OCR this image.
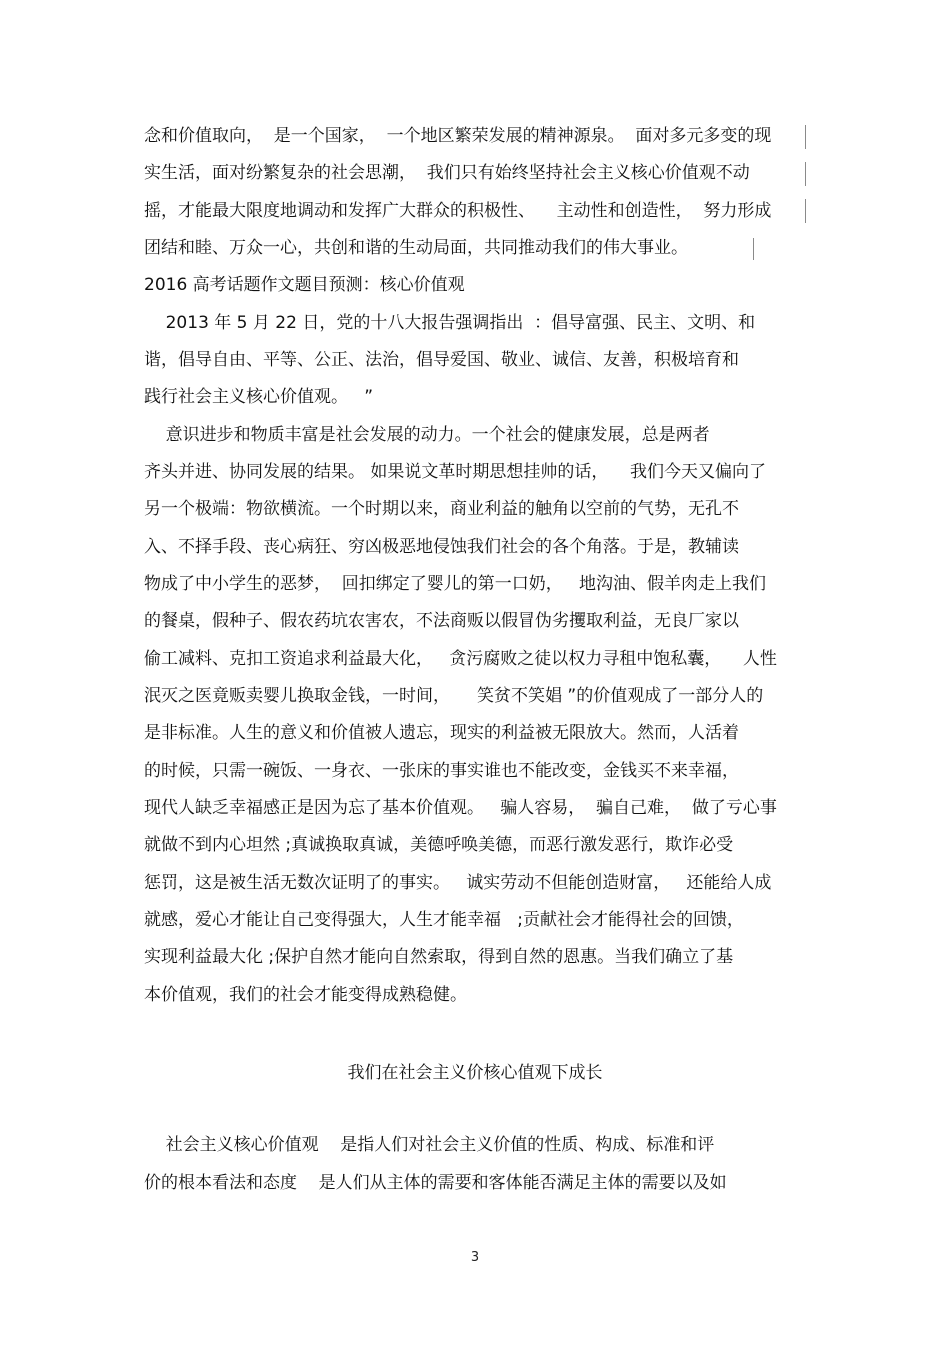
念和价值取向，  是一个国家，  一个地区繁荣发展的精神源泉。  面对多元多变的现

实生活，面对纷繁复杂的社会思潮，  我们只有始终坚持社会主义核心价值观不动

摇，才能最大限度地调动和发挥广大群众的积极性、    主动性和创造性，  努力形成

团结和睦、万众一心，共创和谐的生动局面，共同推动我们的伟大事业。

2016 高考话题作文题目预测：核心价值观

2013 年 5 月 22 日，党的十八大报告强调指出  ：倡导富强、民主、文明、和

谐，倡导自由、平等、公正、法治，倡导爱国、敬业、诚信、友善，积极培育和

践行社会主义核心价值观。   ”

意识进步和物质丰富是社会发展的动力。一个社会的健康发展，总是两者

齐头并进、协同发展的结果。 如果说文革时期思想挂帅的话，    我们今天又偏向了

另一个极端：物欲横流。一个时期以来，商业利益的触角以空前的气势，无孔不

入、不择手段、丧心病狂、穷凶极恶地侵蚀我们社会的各个角落。于是，教辅读

物成了中小学生的恶梦，  回扣绑定了婴儿的第一口奶，   地沟油、假羊肉走上我们

的餐桌，假种子、假农药坑农害农，不法商贩以假冒伪劣攫取利益，无良厂家以

偷工减料、克扣工资追求利益最大化，   贪污腐败之徒以权力寻租中饱私囊，    人性

泯灭之医竟贩卖婴儿换取金钱，一时间，     笑贫不笑娼 ”的价值观成了一部分人的

是非标准。人生的意义和价值被人遗忘，现实的利益被无限放大。然而，人活着

的时候，只需一碗饭、一身衣、一张床的事实谁也不能改变，金钱买不来幸福，

现代人缺乏幸福感正是因为忘了基本价值观。   骗人容易，  骗自己难，  做了亏心事

就做不到内心坦然 ;真诚换取真诚，美德呼唤美德，而恶行激发恶行，欺诈必受

惩罚，这是被生活无数次证明了的事实。   诚实劳动不但能创造财富，   还能给人成

就感，爱心才能让自己变得强大，人生才能幸福   ;贡献社会才能得社会的回馈，

实现利益最大化 ;保护自然才能向自然索取，得到自然的恩惠。当我们确立了基

本价值观，我们的社会才能变得成熟稳健。

我们在社会主义价核心值观下成长

社会主义核心价值观    是指人们对社会主义价值的性质、构成、标准和评

价的根本看法和态度    是人们从主体的需要和客体能否满足主体的需要以及如

3
